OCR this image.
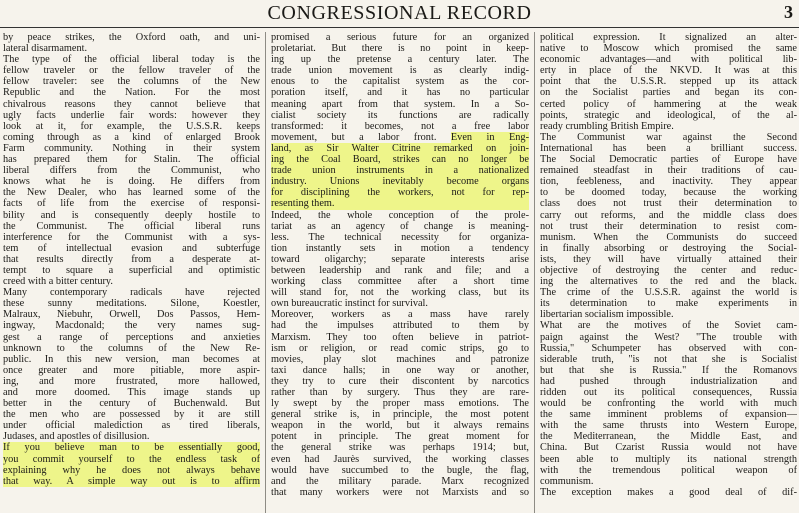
CONGRESSIONAL RECORD	3
by peace strikes, the Oxford oath, and uni-
lateral disarmament.
The type of the official liberal today is the
fellow traveler or the fellow traveler of the
fellow traveler: see the columns of the New
Republic and the Nation. For the most
chivalrous reasons they cannot believe that
ugly facts underlie fair words: however they
look at it, for example, the U.S.S.R. keeps
coming through as a kind of enlarged Brook
Farm community. Nothing in their system
has prepared them for Stalin. The official
liberal differs from the Communist, who
knows what he is doing. He differs from
the New Dealer, who has learned some of the
facts of life from the exercise of responsi-
bility and is consequently deeply hostile to
the Communist. The official liberal runs
interference for the Communist with a sys-
tem of intellectual evasion and subterfuge
that results directly from a desperate at-
tempt to square a superficial and optimistic
creed with a bitter century.
Many contemporary radicals have rejected
these sunny meditations. Silone, Koestler,
Malraux, Niebuhr, Orwell, Dos Passos, Hem-
ingway, Macdonald; the very names sug-
gest a range of perceptions and anxieties
unknown to the columns of the New Re-
public. In this new version, man becomes at
once greater and more pitiable, more aspir-
ing, and more frustrated, more hallowed,
and more doomed. This image stands up
better in the century of Buchenwald. But
the men who are possessed by it are still
under official malediction as tired liberals,
Judases, and apostles of disillusion.
If you believe man to be essentially good,
you commit yourself to the endless task of
explaining why he does not always behave
that way. A simple way out is to affirm
promised a serious future for an organized
proletariat. But there is no point in keep-
ing up the pretense a century later. The
trade union movement is as clearly indig-
enous to the capitalist system as the cor-
poration itself, and it has no particular
meaning apart from that system. In a So-
cialist society its functions are radically
transformed: it becomes, not a free labor
movement, but a labor front. Even in Eng-
land, as Sir Walter Citrine remarked on join-
ing the Coal Board, strikes can no longer be
trade union instruments in a nationalized
industry. Unions inevitably become organs
for disciplining the workers, not for rep-
resenting them.
Indeed, the whole conception of the prole-
tariat as an agency of change is meaning-
less. The technical necessity for organiza-
tion instantly sets in motion a tendency
toward oligarchy; separate interests arise
between leadership and rank and file; and a
working class committee after a short time
will stand for, not the working class, but its
own bureaucratic instinct for survival.
Moreover, workers as a mass have rarely
had the impulses attributed to them by
Marxism. They too often believe in patriot-
ism or religion, or read comic strips, go to
movies, play slot machines and patronize
taxi dance halls; in one way or another,
they try to cure their discontent by narcotics
rather than by surgery. Thus they are rare-
ly swept by the proper mass emotions. The
general strike is, in principle, the most potent
weapon in the world, but it always remains
potent in principle. The great moment for
the general strike was perhaps 1914; but,
even had Jaurès survived, the working classes
would have succumbed to the bugle, the flag,
and the military parade. Marx recognized
that many workers were not Marxists and so
political expression. It signalized an alter-
native to Moscow which promised the same
economic advantages—and with political lib-
erty in place of the NKVD. It was at this
point that the U.S.S.R. stepped up its attack
on the Socialist parties and began its con-
certed policy of hammering at the weak
points, strategic and ideological, of the al-
ready crumbling British Empire.
The Communist war against the Second
International has been a brilliant success.
The Social Democratic parties of Europe have
remained steadfast in their traditions of cau-
tion, feebleness, and inactivity. They appear
to be doomed today, because the working
class does not trust their determination to
carry out reforms, and the middle class does
not trust their determination to resist com-
munism. When the Communists do succeed
in finally absorbing or destroying the Social-
ists, they will have virtually attained their
objective of destroying the center and reduc-
ing the alternatives to the red and the black.
The crime of the U.S.S.R. against the world is
its determination to make experiments in
libertarian socialism impossible.
What are the motives of the Soviet cam-
paign against the West? "The trouble with
Russia," Schumpeter has observed with con-
siderable truth, "is not that she is Socialist
but that she is Russia." If the Romanovs
had pushed through industrialization and
ridden out its political consequences, Russia
would be confronting the world with much
the same imminent problems of expansion—
with the same thrusts into Western Europe,
the Mediterranean, the Middle East, and
China. But Czarist Russia would not have
been able to multiply its national strength
with the tremendous political weapon of
communism.
The exception makes a good deal of dif-
